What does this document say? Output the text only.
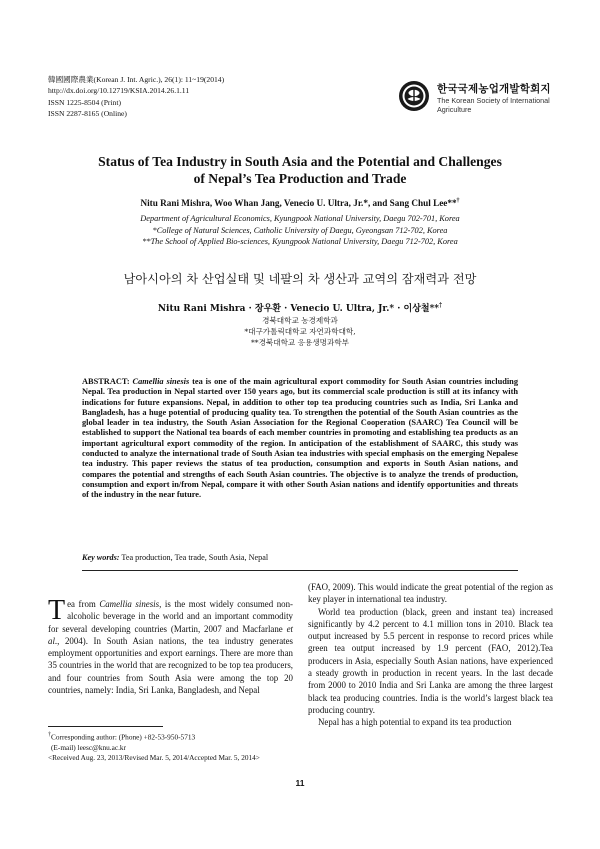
韓國國際農業(Korean J. Int. Agric.), 26(1): 11~19(2014)
http://dx.doi.org/10.12719/KSIA.2014.26.1.11
ISSN 1225-8504 (Print)
ISSN 2287-8165 (Online)
한국국제농업개발학회지
The Korean Society of International Agriculture
Status of Tea Industry in South Asia and the Potential and Challenges
of Nepal’s Tea Production and Trade
Nitu Rani Mishra, Woo Whan Jang, Venecio U. Ultra, Jr.*, and Sang Chul Lee**†
Department of Agricultural Economics, Kyungpook National University, Daegu 702-701, Korea
*College of Natural Sciences, Catholic University of Daegu, Gyeongsan 712-702, Korea
**The School of Applied Bio-sciences, Kyungpook National University, Daegu 712-702, Korea
남아시아의 차 산업실태 및 네팔의 차 생산과 교역의 잠재력과 전망
Nitu Rani Mishra · 장우환 · Venecio U. Ultra, Jr.* · 이상철**†
경북대학교 농경제학과
*대구가톨릭대학교 자연과학대학,
**경북대학교 응용생명과학부
ABSTRACT: Camellia sinesis tea is one of the main agricultural export commodity for South Asian countries including Nepal. Tea production in Nepal started over 150 years ago, but its commercial scale production is still at its infancy with indications for future expansions. Nepal, in addition to other top tea producing countries such as India, Sri Lanka and Bangladesh, has a huge potential of producing quality tea. To strengthen the potential of the South Asian countries as the global leader in tea industry, the South Asian Association for the Regional Cooperation (SAARC) Tea Council will be established to support the National tea boards of each member countries in promoting and establishing tea products as an important agricultural export commodity of the region. In anticipation of the establishment of SAARC, this study was conducted to analyze the international trade of South Asian tea industries with special emphasis on the emerging Nepalese tea industry. This paper reviews the status of tea production, consumption and exports in South Asian nations, and compares the potential and strengths of each South Asian countries. The objective is to analyze the trends of production, consumption and export in/from Nepal, compare it with other South Asian nations and identify opportunities and threats of the industry in the near future.
Key words: Tea production, Tea trade, South Asia, Nepal
Tea from Camellia sinesis, is the most widely consumed non-alcoholic beverage in the world and an important commodity for several developing countries (Martin, 2007 and Macfarlane et al., 2004). In South Asian nations, the tea industry generates employment opportunities and export earnings. There are more than 35 countries in the world that are recognized to be top tea producers, and four countries from South Asia were among the top 20 countries, namely: India, Sri Lanka, Bangladesh, and Nepal
(FAO, 2009). This would indicate the great potential of the region as key player in international tea industry.
World tea production (black, green and instant tea) increased significantly by 4.2 percent to 4.1 million tons in 2010. Black tea output increased by 5.5 percent in response to record prices while green tea output increased by 1.9 percent (FAO, 2012).Tea producers in Asia, especially South Asian nations, have experienced a steady growth in production in recent years. In the last decade from 2000 to 2010 India and Sri Lanka are among the three largest black tea producing countries. India is the world’s largest black tea producing country.
Nepal has a high potential to expand its tea production
†Corresponding author: (Phone) +82-53-950-5713
(E-mail) leesc@knu.ac.kr
<Received Aug. 23, 2013/Revised Mar. 5, 2014/Accepted Mar. 5, 2014>
11
